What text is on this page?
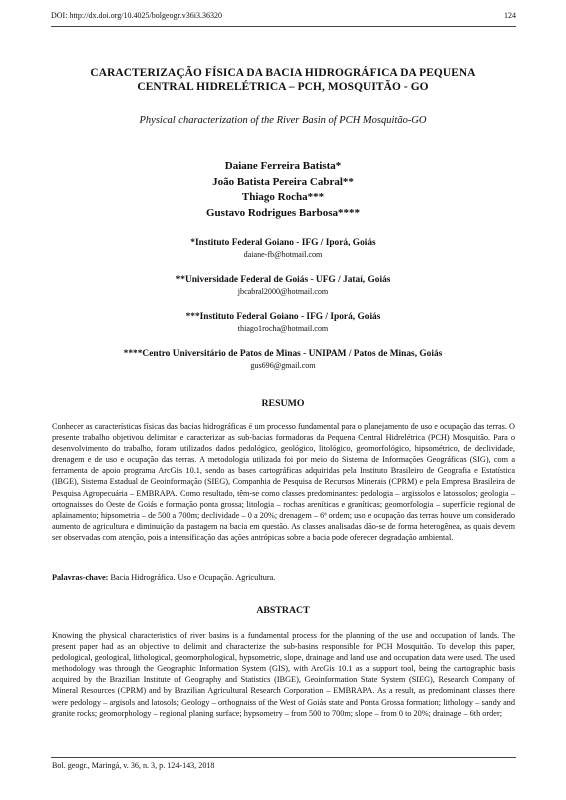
DOI: http://dx.doi.org/10.4025/bolgeogr.v36i3.36320	124
CARACTERIZAÇÃO FÍSICA DA BACIA HIDROGRÁFICA DA PEQUENA
CENTRAL HIDRELÉTRICA – PCH, MOSQUITÃO - GO
Physical characterization of the River Basin of PCH Mosquitão-GO
Daiane Ferreira Batista*
João Batista Pereira Cabral**
Thiago Rocha***
Gustavo Rodrigues Barbosa****
*Instituto Federal Goiano - IFG / Iporá, Goiás
daiane-fb@hotmail.com
**Universidade Federal de Goiás - UFG / Jataí, Goiás
jbcabral2000@hotmail.com
***Instituto Federal Goiano - IFG / Iporá, Goiás
thiago1rocha@hotmail.com
****Centro Universitário de Patos de Minas - UNIPAM / Patos de Minas, Goiás
gus696@gmail.com
RESUMO
Conhecer as características físicas das bacias hidrográficas é um processo fundamental para o planejamento de uso e ocupação das terras. O presente trabalho objetivou delimitar e caracterizar as sub-bacias formadoras da Pequena Central Hidrelétrica (PCH) Mosquitão. Para o desenvolvimento do trabalho, foram utilizados dados pedológico, geológico, litológico, geomorfológico, hipsométrico, de declividade, drenagem e de uso e ocupação das terras. A metodologia utilizada foi por meio do Sistema de Informações Geográficas (SIG), com a ferramenta de apoio programa ArcGis 10.1, sendo as bases cartográficas adquiridas pela Instituto Brasileiro de Geografia e Estatística (IBGE), Sistema Estadual de Geoinformação (SIEG), Companhia de Pesquisa de Recursos Minerais (CPRM) e pela Empresa Brasileira de Pesquisa Agropecuária – EMBRAPA. Como resultado, têm-se como classes predominantes: pedologia – argissolos e latossolos; geologia – ortognaisses do Oeste de Goiás e formação ponta grossa; litologia – rochas areníticas e graníticas; geomorfologia – superfície regional de aplainamento; hipsometria – de 500 a 700m; declividade – 0 a 20%; drenagem – 6ª ordem; uso e ocupação das terras houve um considerado aumento de agricultura e diminuição da pastagem na bacia em questão. As classes analisadas dão-se de forma heterogênea, as quais devem ser observadas com atenção, pois a intensificação das ações antrópicas sobre a bacia pode oferecer degradação ambiental.
Palavras-chave: Bacia Hidrográfica. Uso e Ocupação. Agricultura.
ABSTRACT
Knowing the physical characteristics of river basins is a fundamental process for the planning of the use and occupation of lands. The present paper had as an objective to delimit and characterize the sub-basins responsible for PCH Mosquitão. To develop this paper, pedological, geological, lithological, geomorphological, hypsometric, slope, drainage and land use and occupation data were used. The used methodology was through the Geographic Information System (GIS), with ArcGis 10.1 as a support tool, being the cartographic basis acquired by the Brazilian Institute of Geography and Statistics (IBGE), Geoinformation State System (SIEG), Research Company of Mineral Resources (CPRM) and by Brazilian Agricultural Research Corporation – EMBRAPA. As a result, as predominant classes there were pedology – argisols and latosols; Geology – orthognaiss of the West of Goiás state and Ponta Grossa formation; lithology – sandy and granite rocks; geomorphology – regional planing surface; hypsometry – from 500 to 700m; slope – from 0 to 20%; drainage – 6th order;
Bol. geogr., Maringá, v. 36, n. 3, p. 124-143, 2018
